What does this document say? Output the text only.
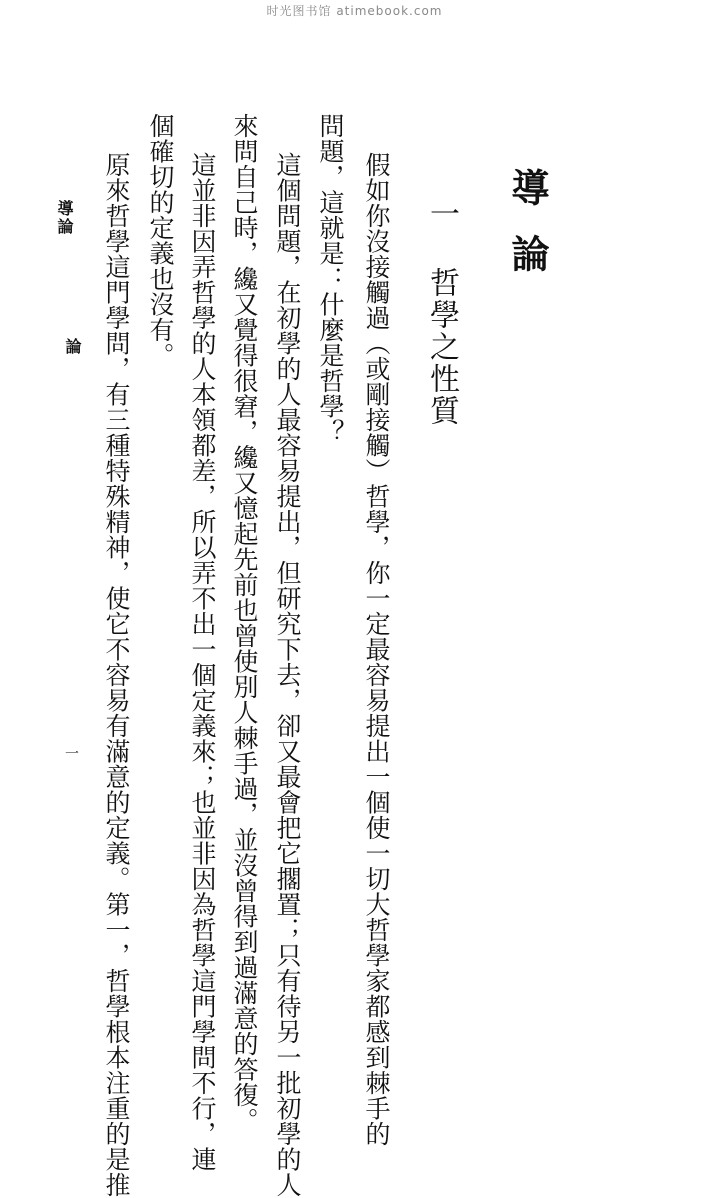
时光图书馆 atimebook.com
導論
一 哲學之性質
假如你沒接觸過（或剛接觸）哲學，你一定最容易提出一個使一切大哲學家都感到棘手的
問題，這就是：什麼是哲學？
這個問題，在初學的人最容易提出，但研究下去，卻又最會把它擱置；只有待另一批初學的人
來問自己時，纔又覺得很窘，纔又憶起先前也曾使別人棘手過，並沒曾得到過滿意的答復。
這並非因弄哲學的人本領都差，所以弄不出一個定義來；也並非因為哲學這門學問不行，連
個確切的定義也沒有。
原來哲學這門學問，有三種特殊精神，使它不容易有滿意的定義。第一，哲學根本注重的是推
導論
論
一
